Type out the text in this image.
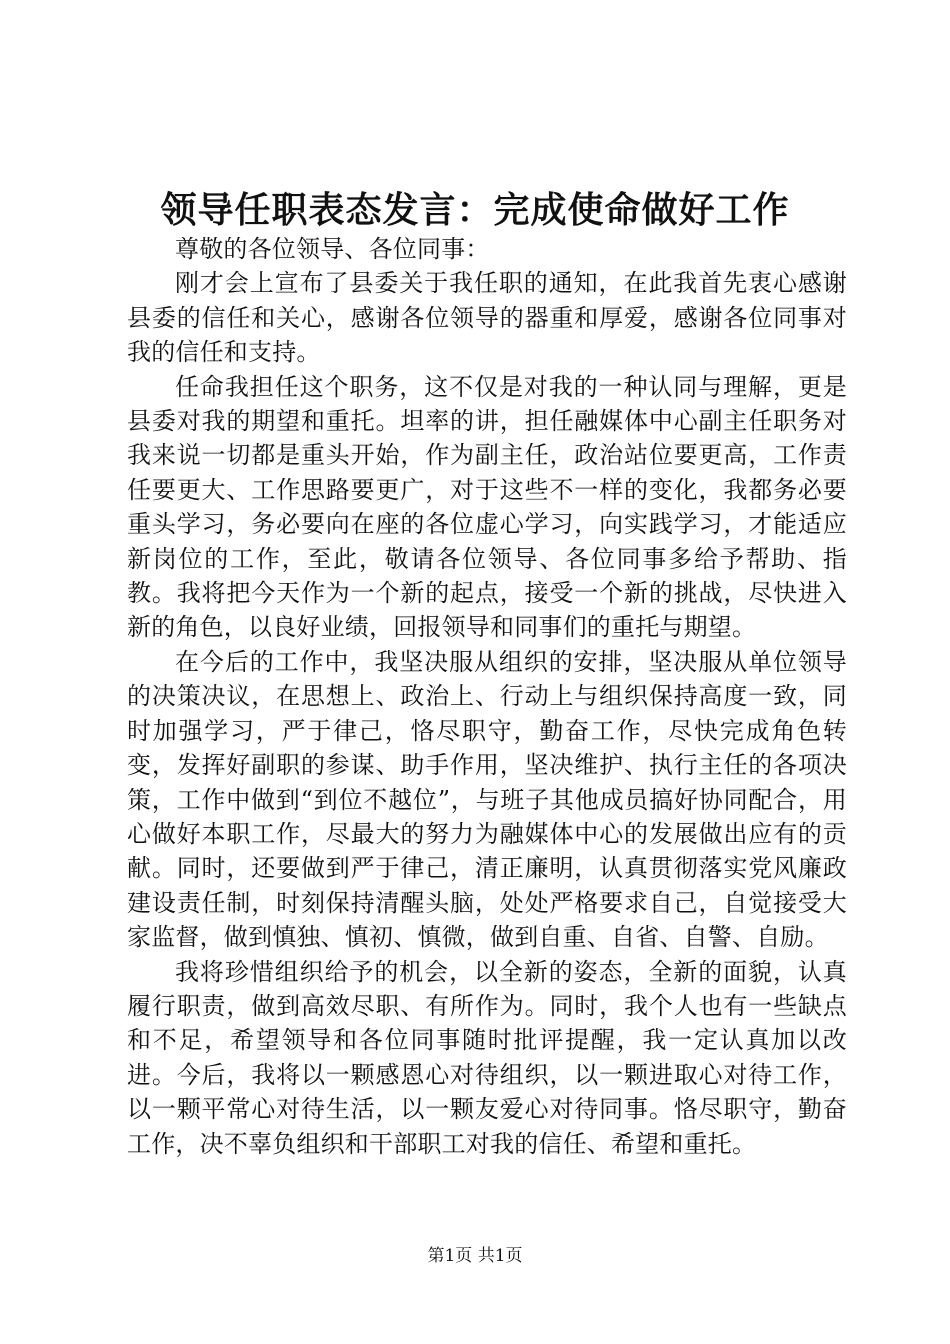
领导任职表态发言：完成使命做好工作

尊敬的各位领导、各位同事：

刚才会上宣布了县委关于我任职的通知，在此我首先衷心感谢县委的信任和关心，感谢各位领导的器重和厚爱，感谢各位同事对我的信任和支持。

任命我担任这个职务，这不仅是对我的一种认同与理解，更是县委对我的期望和重托。坦率的讲，担任融媒体中心副主任职务对我来说一切都是重头开始，作为副主任，政治站位要更高，工作责任要更大、工作思路要更广，对于这些不一样的变化，我都务必要重头学习，务必要向在座的各位虚心学习，向实践学习，才能适应新岗位的工作，至此，敬请各位领导、各位同事多给予帮助、指教。我将把今天作为一个新的起点，接受一个新的挑战，尽快进入新的角色，以良好业绩，回报领导和同事们的重托与期望。

在今后的工作中，我坚决服从组织的安排，坚决服从单位领导的决策决议，在思想上、政治上、行动上与组织保持高度一致，同时加强学习，严于律己，恪尽职守，勤奋工作，尽快完成角色转变，发挥好副职的参谋、助手作用，坚决维护、执行主任的各项决策，工作中做到“到位不越位”，与班子其他成员搞好协同配合，用心做好本职工作，尽最大的努力为融媒体中心的发展做出应有的贡献。同时，还要做到严于律己，清正廉明，认真贯彻落实党风廉政建设责任制，时刻保持清醒头脑，处处严格要求自己，自觉接受大家监督，做到慎独、慎初、慎微，做到自重、自省、自警、自励。

我将珍惜组织给予的机会，以全新的姿态，全新的面貌，认真履行职责，做到高效尽职、有所作为。同时，我个人也有一些缺点和不足，希望领导和各位同事随时批评提醒，我一定认真加以改进。今后，我将以一颗感恩心对待组织，以一颗进取心对待工作，以一颗平常心对待生活，以一颗友爱心对待同事。恪尽职守，勤奋工作，决不辜负组织和干部职工对我的信任、希望和重托。

第1页 共1页
